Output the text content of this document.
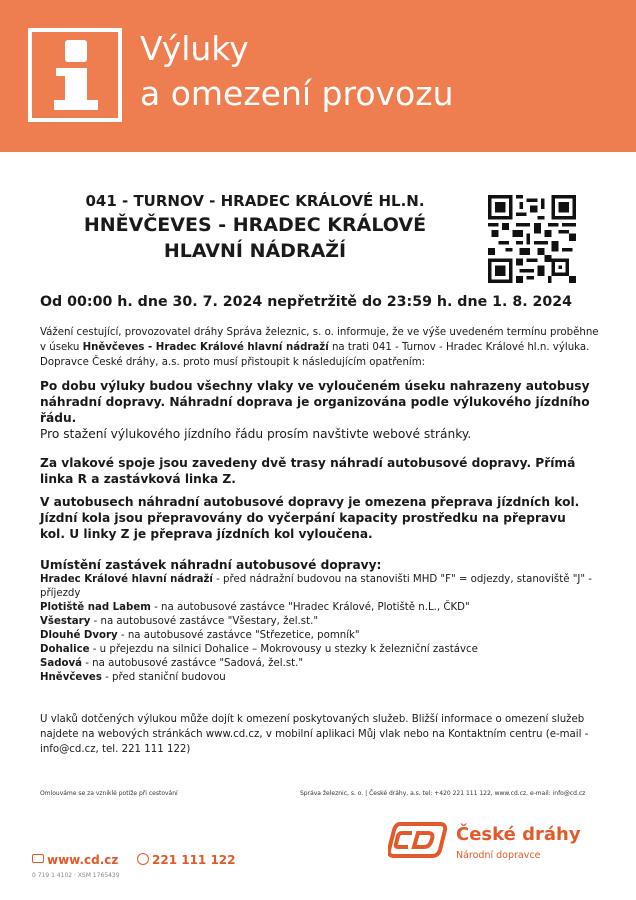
Výluky
a omezení provozu
041 - TURNOV - HRADEC KRÁLOVÉ HL.N.
HNĚVČEVES - HRADEC KRÁLOVÉ
HLAVNÍ NÁDRAŽÍ

Od 00:00 h. dne 30. 7. 2024 nepřetržitě do 23:59 h. dne 1. 8. 2024

Vážení cestující, provozovatel dráhy Správa železnic, s. o. informuje, že ve výše uvedeném termínu proběhne v úseku Hněvčeves - Hradec Králové hlavní nádraží na trati 041 - Turnov - Hradec Králové hl.n. výluka. Dopravce České dráhy, a.s. proto musí přistoupit k následujícím opatřením:

Po dobu výluky budou všechny vlaky ve vyloučeném úseku nahrazeny autobusy náhradní dopravy. Náhradní doprava je organizována podle výlukového jízdního řádu.
Pro stažení výlukového jízdního řádu prosím navštivte webové stránky.

Za vlakové spoje jsou zavedeny dvě trasy náhradí autobusové dopravy. Přímá linka R a zastávková linka Z.

V autobusech náhradní autobusové dopravy je omezena přeprava jízdních kol. Jízdní kola jsou přepravovány do vyčerpání kapacity prostředku na přepravu kol. U linky Z je přeprava jízdních kol vyloučena.

Umístění zastávek náhradní autobusové dopravy:

Hradec Králové hlavní nádraží - před nádražní budovou na stanovišti MHD "F" = odjezdy, stanoviště "J" - příjezdy
Plotiště nad Labem - na autobusové zastávce "Hradec Králové, Plotiště n.L., ČKD"
Všestary - na autobusové zastávce "Všestary, žel.st."
Dlouhé Dvory - na autobusové zastávce "Střezetice, pomník"
Dohalice - u přejezdu na silnici Dohalice – Mokrovousy u stezky k železniční zastávce
Sadová - na autobusové zastávce "Sadová, žel.st."
Hněvčeves - před staniční budovou

U vlaků dotčených výlukou může dojít k omezení poskytovaných služeb. Bližší informace o omezení služeb najdete na webových stránkách www.cd.cz, v mobilní aplikaci Můj vlak nebo na Kontaktním centru (e-mail - info@cd.cz, tel. 221 111 122)

Omlouváme se za vzniklé potíže při cestování	Správa železnic, s. o. | České dráhy, a.s. tel: +420 221 111 122, www.cd.cz, e-mail: info@cd.cz

www.cd.cz	221 111 122

0 719 1 4102 · XSM 1765439

České dráhy

Národní dopravce
